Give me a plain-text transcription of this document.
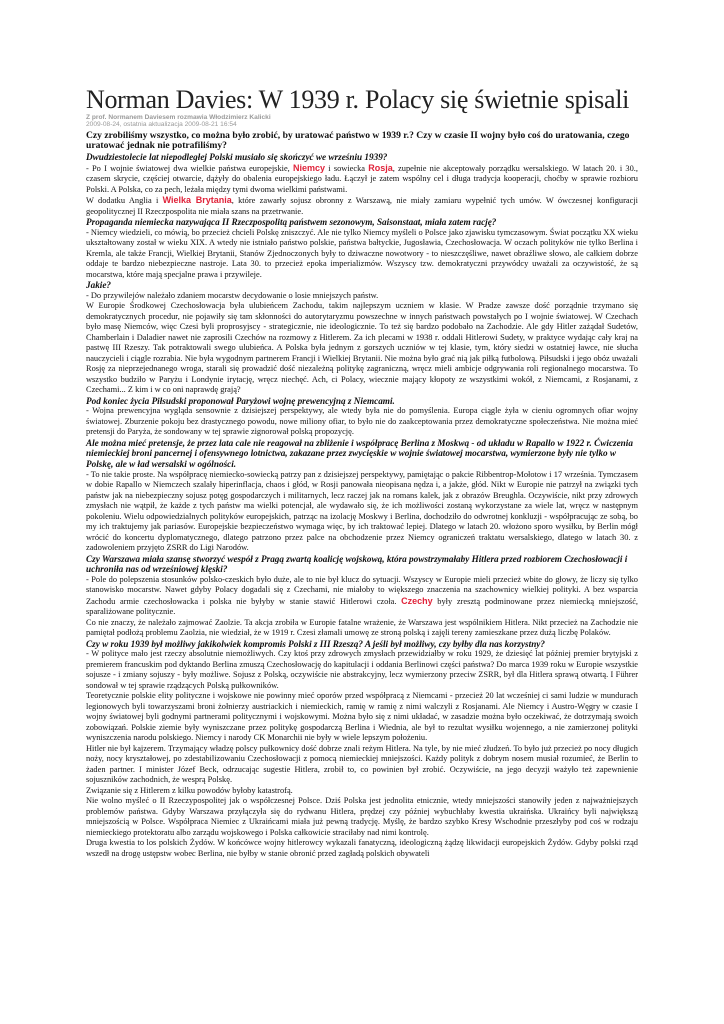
Norman Davies: W 1939 r. Polacy się świetnie spisali
Z prof. Normanem Daviesem rozmawia Włodzimierz Kalicki
2009-08-24, ostatnia aktualizacja 2009-08-21 16:54

Czy zrobiliśmy wszystko, co można było zrobić, by uratować państwo w 1939 r.? Czy w czasie II wojny było coś do uratowania, czego uratować jednak nie potrafiliśmy?

Dwudziestolecie lat niepodległej Polski musiało się skończyć we wrześniu 1939?

- Po I wojnie światowej dwa wielkie państwa europejskie, Niemcy i sowiecka Rosja, zupełnie nie akceptowały porządku wersalskiego. W latach 20. i 30., czasem skrycie, częściej otwarcie, dążyły do obalenia europejskiego ładu. Łączył je zatem wspólny cel i długa tradycja kooperacji, choćby w sprawie rozbioru Polski. A Polska, co za pech, leżała między tymi dwoma wielkimi państwami.

W dodatku Anglia i Wielka Brytania, które zawarły sojusz obronny z Warszawą, nie miały zamiaru wypełnić tych umów. W ówczesnej konfiguracji geopolitycznej II Rzeczpospolita nie miała szans na przetrwanie.

Propaganda niemiecka nazywająca II Rzeczpospolitą państwem sezonowym, Saisonstaat, miała zatem rację?

- Niemcy wiedzieli, co mówią, bo przecież chcieli Polskę zniszczyć. Ale nie tylko Niemcy myśleli o Polsce jako zjawisku tymczasowym. Świat początku XX wieku ukształtowany został w wieku XIX. A wtedy nie istniało państwo polskie, państwa bałtyckie, Jugosławia, Czechosłowacja. W oczach polityków nie tylko Berlina i Kremla, ale także Francji, Wielkiej Brytanii, Stanów Zjednoczonych były to dziwaczne nowotwory - to nieszczęśliwe, nawet obraźliwe słowo, ale całkiem dobrze oddaje te bardzo niebezpieczne nastroje. Lata 30. to przecież epoka imperializmów. Wszyscy tzw. demokratyczni przywódcy uważali za oczywistość, że są mocarstwa, które mają specjalne prawa i przywileje.

Jakie?

- Do przywilejów należało zdaniem mocarstw decydowanie o losie mniejszych państw.

W Europie Środkowej Czechosłowacja była ulubieńcem Zachodu, takim najlepszym uczniem w klasie. W Pradze zawsze dość porządnie trzymano się demokratycznych procedur, nie pojawiły się tam skłonności do autorytaryzmu powszechne w innych państwach powstałych po I wojnie światowej. W Czechach było masę Niemców, więc Czesi byli proprosyjscy - strategicznie, nie ideologicznie. To też się bardzo podobało na Zachodzie. Ale gdy Hitler zażądał Sudetów, Chamberlain i Daladier nawet nie zaprosili Czechów na rozmowy z Hitlerem. Za ich plecami w 1938 r. oddali Hitlerowi Sudety, w praktyce wydając cały kraj na pastwę III Rzeszy. Tak potraktowali swego ulubieńca. A Polska była jednym z gorszych uczniów w tej klasie, tym, który siedzi w ostatniej ławce, nie słucha nauczycieli i ciągle rozrabia. Nie była wygodnym partnerem Francji i Wielkiej Brytanii. Nie można było grać nią jak piłką futbolową. Piłsudski i jego obóz uważali Rosję za nieprzejednanego wroga, starali się prowadzić dość niezależną politykę zagraniczną, wręcz mieli ambicje odgrywania roli regionalnego mocarstwa. To wszystko budziło w Paryżu i Londynie irytację, wręcz niechęć. Ach, ci Polacy, wiecznie mający kłopoty ze wszystkimi wokół, z Niemcami, z Rosjanami, z Czechami... Z kim i w co oni naprawdę grają?

Pod koniec życia Piłsudski proponował Paryżowi wojnę prewencyjną z Niemcami.

- Wojna prewencyjna wygląda sensownie z dzisiejszej perspektywy, ale wtedy była nie do pomyślenia. Europa ciągle żyła w cieniu ogromnych ofiar wojny światowej. Zburzenie pokoju bez drastycznego powodu, nowe miliony ofiar, to było nie do zaakceptowania przez demokratyczne społeczeństwa. Nie można mieć pretensji do Paryża, że sondowany w tej sprawie zignorował polską propozycję.

Ale można mieć pretensje, że przez lata cale nie reagował na zbliżenie i współpracę Berlina z Moskwą - od układu w Rapallo w 1922 r. Ćwiczenia niemieckiej broni pancernej i ofensywnego lotnictwa, zakazane przez zwycięskie w wojnie światowej mocarstwa, wymierzone były nie tylko w Polskę, ale w ład wersalski w ogólności.

- To nie takie proste. Na współpracę niemiecko-sowiecką patrzy pan z dzisiejszej perspektywy, pamiętając o pakcie Ribbentrop-Mołotow i 17 września. Tymczasem w dobie Rapallo w Niemczech szalały hiperinflacja, chaos i głód, w Rosji panowała nieopisana nędza i, a jakże, głód. Nikt w Europie nie patrzył na związki tych państw jak na niebezpieczny sojusz potęg gospodarczych i militarnych, lecz raczej jak na romans kalek, jak z obrazów Breughla. Oczywiście, nikt przy zdrowych zmysłach nie wątpił, że każde z tych państw ma wielki potencjał, ale wydawało się, że ich możliwości zostaną wykorzystane za wiele lat, wręcz w następnym pokoleniu. Wielu odpowiedzialnych polityków europejskich, patrząc na izolację Moskwy i Berlina, dochodziło do odwrotnej konkluzji - współpracując ze sobą, bo my ich traktujemy jak pariasów. Europejskie bezpieczeństwo wymaga więc, by ich traktować lepiej. Dlatego w latach 20. włożono sporo wysiłku, by Berlin mógł wrócić do koncertu dyplomatycznego, dlatego patrzono przez palce na obchodzenie przez Niemcy ograniczeń traktatu wersalskiego, dlatego w latach 30. z zadowoleniem przyjęto ZSRR do Ligi Narodów.

Czy Warszawa miała szansę stworzyć wespół z Pragą zwartą koalicję wojskową, która powstrzymałaby Hitlera przed rozbiorem Czechosłowacji i uchroniła nas od wrześniowej klęski?

- Pole do polepszenia stosunków polsko-czeskich było duże, ale to nie był klucz do sytuacji. Wszyscy w Europie mieli przecież wbite do głowy, że liczy się tylko stanowisko mocarstw. Nawet gdyby Polacy dogadali się z Czechami, nie miałoby to większego znaczenia na szachownicy wielkiej polityki. A bez wsparcia Zachodu armie czechosłowacka i polska nie byłyby w stanie stawić Hitlerowi czoła. Czechy były zresztą podminowane przez niemiecką mniejszość, sparaliżowane politycznie.

Co nie znaczy, że należało zajmować Zaolzie. Ta akcja zrobiła w Europie fatalne wrażenie, że Warszawa jest wspólnikiem Hitlera. Nikt przecież na Zachodzie nie pamiętał podłożą problemu Zaolzia, nie wiedział, że w 1919 r. Czesi złamali umowę ze stroną polską i zajęli tereny zamieszkane przez dużą liczbę Polaków.

Czy w roku 1939 był możliwy jakikolwiek kompromis Polski z III Rzeszą? A jeśli był możliwy, czy byłby dla nas korzystny?

- W polityce mało jest rzeczy absolutnie niemożliwych. Czy ktoś przy zdrowych zmysłach przewidziałby w roku 1929, że dziesięć lat później premier brytyjski z premierem francuskim pod dyktando Berlina zmuszą Czechosłowację do kapitulacji i oddania Berlinowi części państwa? Do marca 1939 roku w Europie wszystkie sojusze - i zmiany sojuszy - były możliwe. Sojusz z Polską, oczywiście nie abstrakcyjny, lecz wymierzony przeciw ZSRR, był dla Hitlera sprawą otwartą. I Führer sondował w tej sprawie rządzących Polską pułkowników.

Teoretycznie polskie elity polityczne i wojskowe nie powinny mieć oporów przed współpracą z Niemcami - przecież 20 lat wcześniej ci sami ludzie w mundurach legionowych byli towarzyszami broni żołnierzy austriackich i niemieckich, ramię w ramię z nimi walczyli z Rosjanami. Ale Niemcy i Austro-Węgry w czasie I wojny światowej byli godnymi partnerami politycznymi i wojskowymi. Można było się z nimi układać, w zasadzie można było oczekiwać, że dotrzymają swoich zobowiązań. Polskie ziemie były wyniszczane przez politykę gospodarczą Berlina i Wiednia, ale był to rezultat wysiłku wojennego, a nie zamierzonej polityki wyniszczenia narodu polskiego. Niemcy i narody CK Monarchii nie były w wiele lepszym położeniu.

Hitler nie był kajzerem. Trzymający władzę polscy pułkownicy dość dobrze znali reżym Hitlera. Na tyle, by nie mieć złudzeń. To było już przecież po nocy długich noży, nocy kryształowej, po zdestabilizowaniu Czechosłowacji z pomocą niemieckiej mniejszości. Każdy polityk z dobrym nosem musiał rozumieć, że Berlin to żaden partner. I minister Józef Beck, odrzucając sugestie Hitlera, zrobił to, co powinien był zrobić. Oczywiście, na jego decyzji ważyło też zapewnienie sojuszników zachodnich, że wesprą Polskę.

Związanie się z Hitlerem z kilku powodów byłoby katastrofą.

Nie wolno myśleć o II Rzeczypospolitej jak o współczesnej Polsce. Dziś Polska jest jednolita etnicznie, wtedy mniejszości stanowiły jeden z najważniejszych problemów państwa. Gdyby Warszawa przyłączyła się do rydwanu Hitlera, prędzej czy później wybuchłaby kwestia ukraińska. Ukraińcy byli największą mniejszością w Polsce. Współpraca Niemiec z Ukraińcami miała już pewną tradycję. Myślę, że bardzo szybko Kresy Wschodnie przeszłyby pod coś w rodzaju niemieckiego protektoratu albo zarządu wojskowego i Polska całkowicie straciłaby nad nimi kontrolę.

Druga kwestia to los polskich Żydów. W końcówce wojny hitlerowcy wykazali fanatyczną, ideologiczną żądzę likwidacji europejskich Żydów. Gdyby polski rząd wszedł na drogę ustępstw wobec Berlina, nie byłby w stanie obronić przed zagładą polskich obywateli
